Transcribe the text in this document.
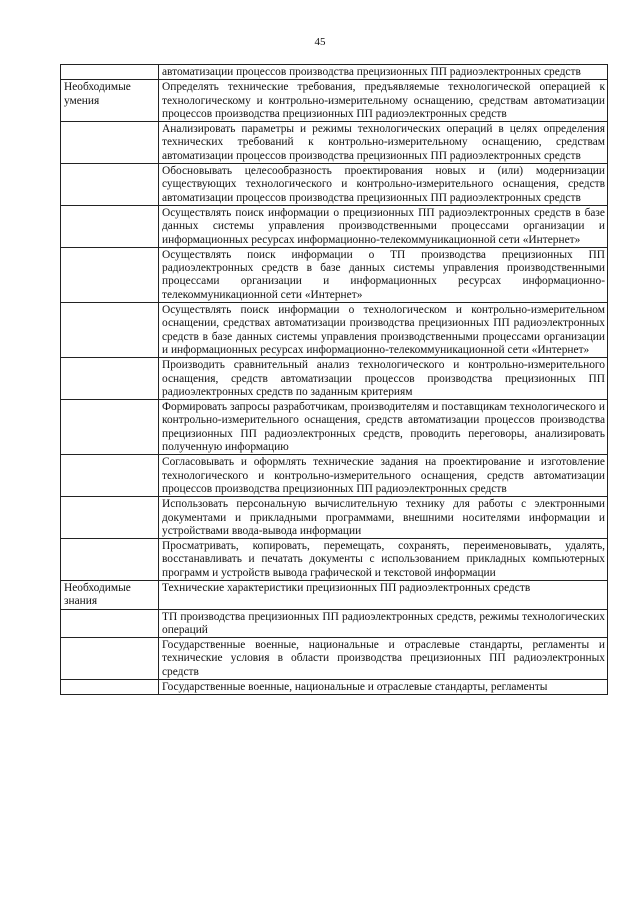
45
	автоматизации процессов производства прецизионных ПП радиоэлектронных средств
Необходимые умения	Определять технические требования, предъявляемые технологической операцией к технологическому и контрольно-измерительному оснащению, средствам автоматизации процессов производства прецизионных ПП радиоэлектронных средств
	Анализировать параметры и режимы технологических операций в целях определения технических требований к контрольно-измерительному оснащению, средствам автоматизации процессов производства прецизионных ПП радиоэлектронных средств
	Обосновывать целесообразность проектирования новых и (или) модернизации существующих технологического и контрольно-измерительного оснащения, средств автоматизации процессов производства прецизионных ПП радиоэлектронных средств
	Осуществлять поиск информации о прецизионных ПП радиоэлектронных средств в базе данных системы управления производственными процессами организации и информационных ресурсах информационно-телекоммуникационной сети «Интернет»
	Осуществлять поиск информации о ТП производства прецизионных ПП радиоэлектронных средств в базе данных системы управления производственными процессами организации и информационных ресурсах информационно-телекоммуникационной сети «Интернет»
	Осуществлять поиск информации о технологическом и контрольно-измерительном оснащении, средствах автоматизации производства прецизионных ПП радиоэлектронных средств в базе данных системы управления производственными процессами организации и информационных ресурсах информационно-телекоммуникационной сети «Интернет»
	Производить сравнительный анализ технологического и контрольно-измерительного оснащения, средств автоматизации процессов производства прецизионных ПП радиоэлектронных средств по заданным критериям
	Формировать запросы разработчикам, производителям и поставщикам технологического и контрольно-измерительного оснащения, средств автоматизации процессов производства прецизионных ПП радиоэлектронных средств, проводить переговоры, анализировать полученную информацию
	Согласовывать и оформлять технические задания на проектирование и изготовление технологического и контрольно-измерительного оснащения, средств автоматизации процессов производства прецизионных ПП радиоэлектронных средств
	Использовать персональную вычислительную технику для работы с электронными документами и прикладными программами, внешними носителями информации и устройствами ввода-вывода информации
	Просматривать, копировать, перемещать, сохранять, переименовывать, удалять, восстанавливать и печатать документы с использованием прикладных компьютерных программ и устройств вывода графической и текстовой информации
Необходимые знания	Технические характеристики прецизионных ПП радиоэлектронных средств
	ТП производства прецизионных ПП радиоэлектронных средств, режимы технологических операций
	Государственные военные, национальные и отраслевые стандарты, регламенты и технические условия в области производства прецизионных ПП радиоэлектронных средств
	Государственные военные, национальные и отраслевые стандарты, регламенты
